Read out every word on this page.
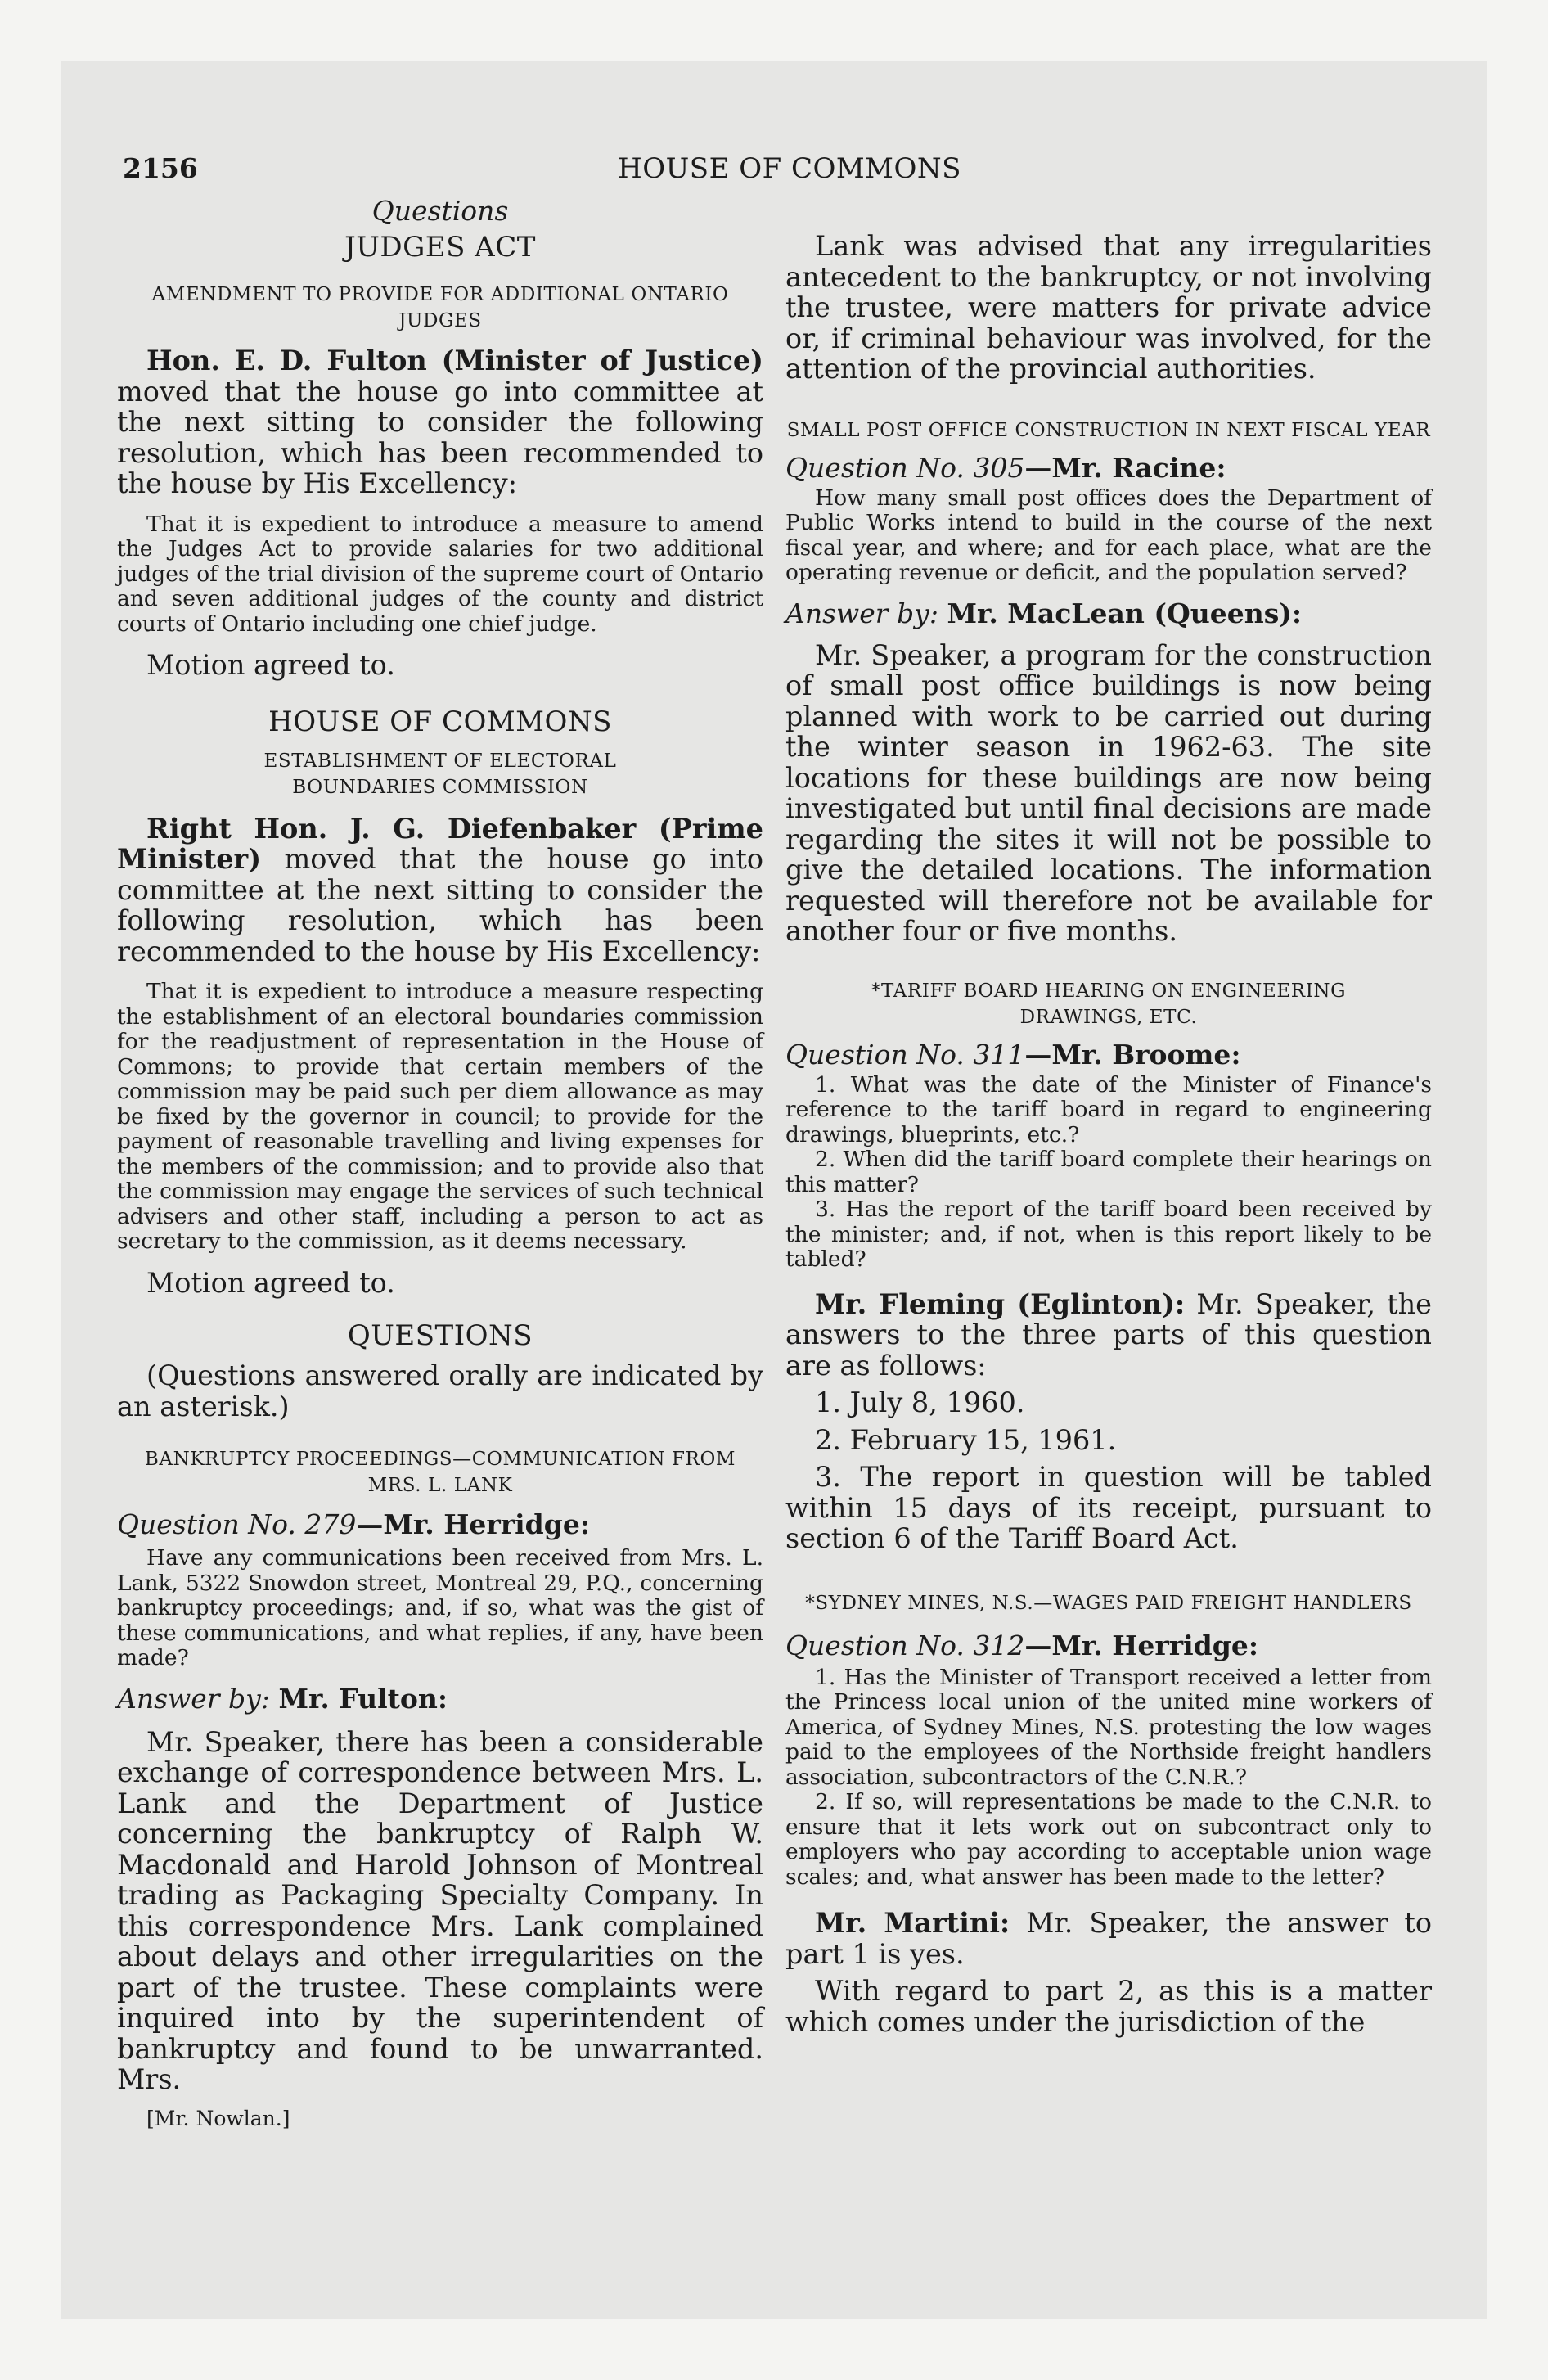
2156	HOUSE OF COMMONS

Questions

JUDGES ACT

AMENDMENT TO PROVIDE FOR ADDITIONAL ONTARIO JUDGES

Hon. E. D. Fulton (Minister of Justice) moved that the house go into committee at the next sitting to consider the following resolution, which has been recommended to the house by His Excellency:

That it is expedient to introduce a measure to amend the Judges Act to provide salaries for two additional judges of the trial division of the supreme court of Ontario and seven additional judges of the county and district courts of Ontario including one chief judge.

Motion agreed to.

HOUSE OF COMMONS

ESTABLISHMENT OF ELECTORAL BOUNDARIES COMMISSION

Right Hon. J. G. Diefenbaker (Prime Minister) moved that the house go into committee at the next sitting to consider the following resolution, which has been recommended to the house by His Excellency:

That it is expedient to introduce a measure respecting the establishment of an electoral boundaries commission for the readjustment of representation in the House of Commons; to provide that certain members of the commission may be paid such per diem allowance as may be fixed by the governor in council; to provide for the payment of reasonable travelling and living expenses for the members of the commission; and to provide also that the commission may engage the services of such technical advisers and other staff, including a person to act as secretary to the commission, as it deems necessary.

Motion agreed to.

QUESTIONS

(Questions answered orally are indicated by an asterisk.)

BANKRUPTCY PROCEEDINGS—COMMUNICATION FROM MRS. L. LANK

Question No. 279—Mr. Herridge:

Have any communications been received from Mrs. L. Lank, 5322 Snowdon street, Montreal 29, P.Q., concerning bankruptcy proceedings; and, if so, what was the gist of these communications, and what replies, if any, have been made?

Answer by: Mr. Fulton:

Mr. Speaker, there has been a considerable exchange of correspondence between Mrs. L. Lank and the Department of Justice concerning the bankruptcy of Ralph W. Macdonald and Harold Johnson of Montreal trading as Packaging Specialty Company. In this correspondence Mrs. Lank complained about delays and other irregularities on the part of the trustee. These complaints were inquired into by the superintendent of bankruptcy and found to be unwarranted. Mrs.

[Mr. Nowlan.]

Lank was advised that any irregularities antecedent to the bankruptcy, or not involving the trustee, were matters for private advice or, if criminal behaviour was involved, for the attention of the provincial authorities.

SMALL POST OFFICE CONSTRUCTION IN NEXT FISCAL YEAR

Question No. 305—Mr. Racine:

How many small post offices does the Department of Public Works intend to build in the course of the next fiscal year, and where; and for each place, what are the operating revenue or deficit, and the population served?

Answer by: Mr. MacLean (Queens):

Mr. Speaker, a program for the construction of small post office buildings is now being planned with work to be carried out during the winter season in 1962-63. The site locations for these buildings are now being investigated but until final decisions are made regarding the sites it will not be possible to give the detailed locations. The information requested will therefore not be available for another four or five months.

*TARIFF BOARD HEARING ON ENGINEERING DRAWINGS, ETC.

Question No. 311—Mr. Broome:

1. What was the date of the Minister of Finance's reference to the tariff board in regard to engineering drawings, blueprints, etc.?

2. When did the tariff board complete their hearings on this matter?

3. Has the report of the tariff board been received by the minister; and, if not, when is this report likely to be tabled?

Mr. Fleming (Eglinton): Mr. Speaker, the answers to the three parts of this question are as follows:

1. July 8, 1960.

2. February 15, 1961.

3. The report in question will be tabled within 15 days of its receipt, pursuant to section 6 of the Tariff Board Act.

*SYDNEY MINES, N.S.—WAGES PAID FREIGHT HANDLERS

Question No. 312—Mr. Herridge:

1. Has the Minister of Transport received a letter from the Princess local union of the united mine workers of America, of Sydney Mines, N.S. protesting the low wages paid to the employees of the Northside freight handlers association, subcontractors of the C.N.R.?

2. If so, will representations be made to the C.N.R. to ensure that it lets work out on subcontract only to employers who pay according to acceptable union wage scales; and, what answer has been made to the letter?

Mr. Martini: Mr. Speaker, the answer to part 1 is yes.

With regard to part 2, as this is a matter which comes under the jurisdiction of the
